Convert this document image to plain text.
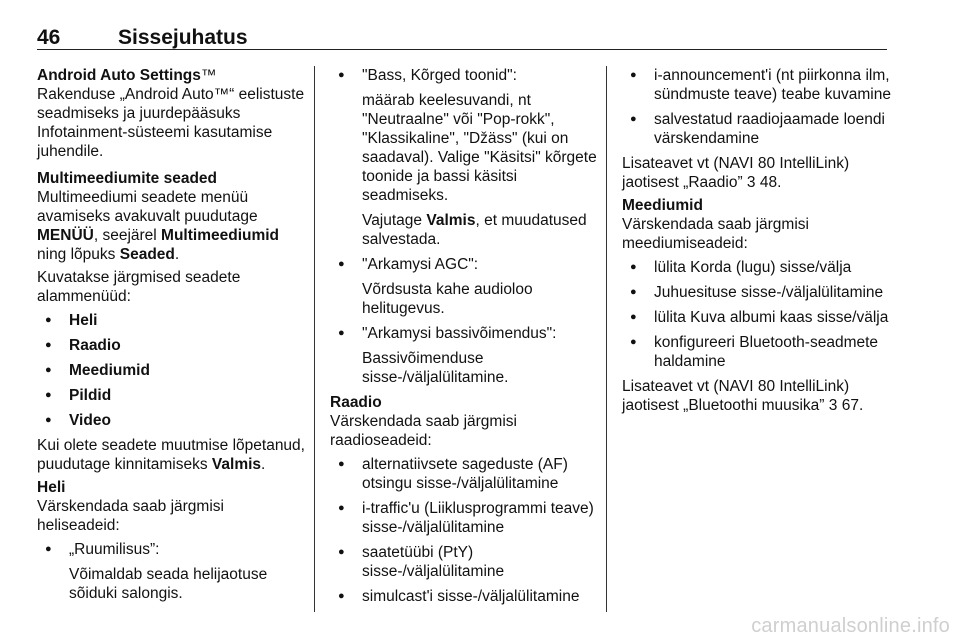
46	Sissejuhatus
Android Auto Settings™
Rakenduse „Android Auto™“ eelistuste seadmiseks ja juurdepääsuks Infotainment-süsteemi kasutamise juhendile.
Multimeediumite seaded
Multimeediumi seadete menüü avamiseks avakuvalt puudutage MENÜÜ, seejärel Multimeediumid ning lõpuks Seaded.
Kuvatakse järgmised seadete alammenüüd:
● Heli
● Raadio
● Meediumid
● Pildid
● Video
Kui olete seadete muutmise lõpetanud, puudutage kinnitamiseks Valmis.
Heli
Värskendada saab järgmisi heliseadeid:
● „Ruumilisus”:
Võimaldab seada helijaotuse sõiduki salongis.
● "Bass, Kõrged toonid":
määrab keelesuvandi, nt "Neutraalne" või "Pop-rokk", "Klassikaline", "Džäss" (kui on saadaval). Valige "Käsitsi" kõrgete toonide ja bassi käsitsi seadmiseks.
Vajutage Valmis, et muudatused salvestada.
● "Arkamysi AGC":
Võrdsusta kahe audioloo helitugevus.
● "Arkamysi bassivõimendus":
Bassivõimenduse sisse-/väljalülitamine.
Raadio
Värskendada saab järgmisi raadioseadeid:
● alternatiivsete sageduste (AF) otsingu sisse-/väljalülitamine
● i-traffic'u (Liiklusprogrammi teave) sisse-/väljalülitamine
● saatetüübi (PtY) sisse-/väljalülitamine
● simulcast'i sisse-/väljalülitamine
● i-announcement'i (nt piirkonna ilm, sündmuste teave) teabe kuvamine
● salvestatud raadiojaamade loendi värskendamine
Lisateavet vt (NAVI 80 IntelliLink) jaotisest „Raadio” 3 48.
Meediumid
Värskendada saab järgmisi meediumiseadeid:
● lülita Korda (lugu) sisse/välja
● Juhuesituse sisse-/väljalülitamine
● lülita Kuva albumi kaas sisse/välja
● konfigureeri Bluetooth-seadmete haldamine
Lisateavet vt (NAVI 80 IntelliLink) jaotisest „Bluetoothi muusika” 3 67.
carmanualsonline.info
